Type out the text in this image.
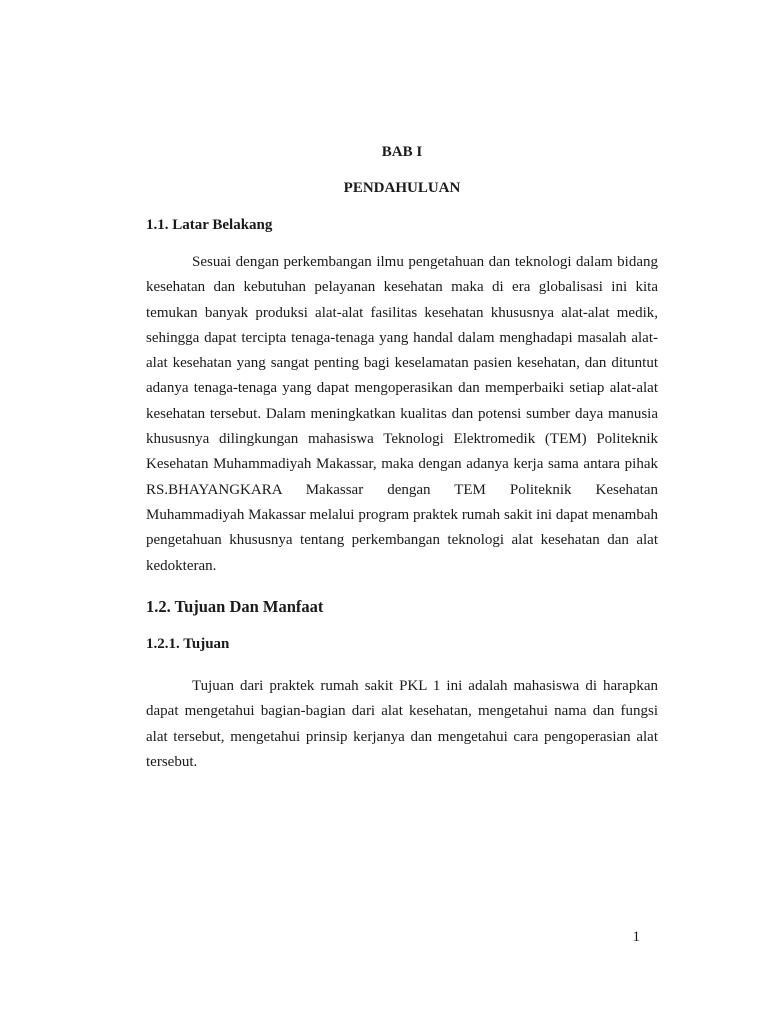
BAB I
PENDAHULUAN
1.1. Latar Belakang

Sesuai dengan perkembangan ilmu pengetahuan dan teknologi dalam bidang kesehatan dan kebutuhan pelayanan kesehatan maka di era globalisasi ini kita temukan banyak produksi alat-alat fasilitas kesehatan khususnya alat-alat medik, sehingga dapat tercipta tenaga-tenaga yang handal dalam menghadapi masalah alat-alat kesehatan yang sangat penting bagi keselamatan pasien kesehatan, dan dituntut adanya tenaga-tenaga yang dapat mengoperasikan dan memperbaiki setiap alat-alat kesehatan tersebut. Dalam meningkatkan kualitas dan potensi sumber daya manusia khususnya dilingkungan mahasiswa Teknologi Elektromedik (TEM) Politeknik Kesehatan Muhammadiyah Makassar, maka dengan adanya kerja sama antara pihak RS.BHAYANGKARA Makassar dengan TEM Politeknik Kesehatan Muhammadiyah Makassar melalui program praktek rumah sakit ini dapat menambah pengetahuan khususnya tentang perkembangan teknologi alat kesehatan dan alat kedokteran.

1.2. Tujuan Dan Manfaat
1.2.1. Tujuan

Tujuan dari praktek rumah sakit PKL 1 ini adalah mahasiswa di harapkan dapat mengetahui bagian-bagian dari alat kesehatan, mengetahui nama dan fungsi alat tersebut, mengetahui prinsip kerjanya dan mengetahui cara pengoperasian alat tersebut.

1
